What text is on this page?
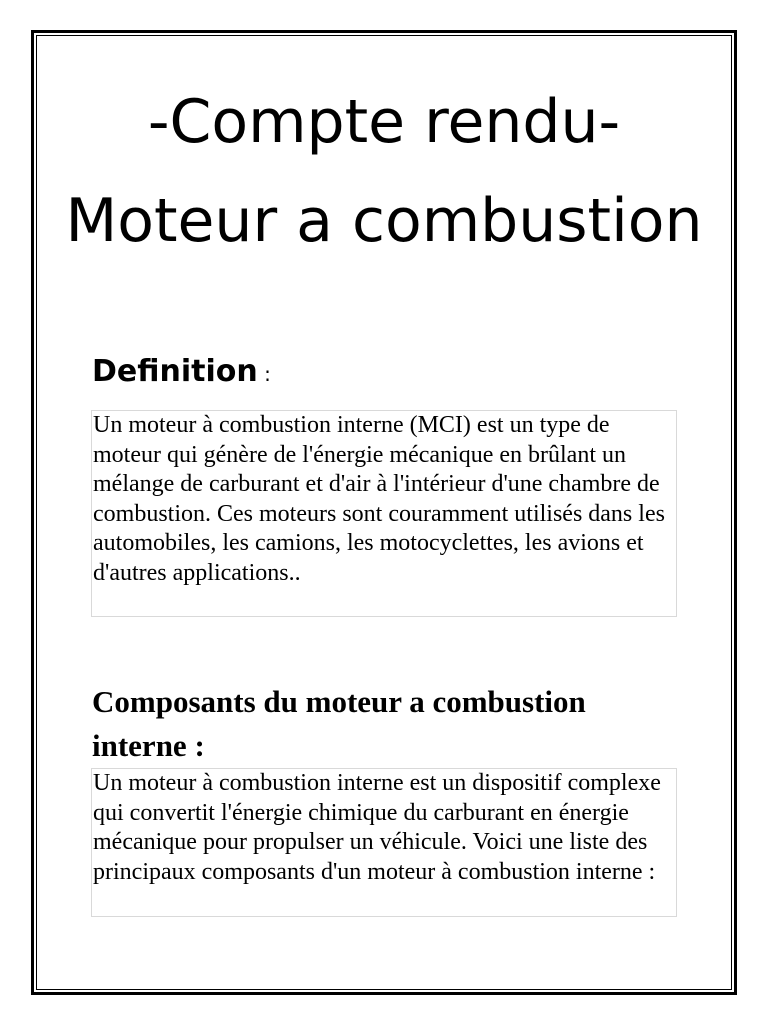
-Compte rendu-
Moteur a combustion
Definition :

Un moteur à combustion interne (MCI) est un type de moteur qui génère de l'énergie mécanique en brûlant un mélange de carburant et d'air à l'intérieur d'une chambre de combustion. Ces moteurs sont couramment utilisés dans les automobiles, les camions, les motocyclettes, les avions et d'autres applications..

Composants du moteur a combustion interne :

Un moteur à combustion interne est un dispositif complexe qui convertit l'énergie chimique du carburant en énergie mécanique pour propulser un véhicule. Voici une liste des principaux composants d'un moteur à combustion interne :
